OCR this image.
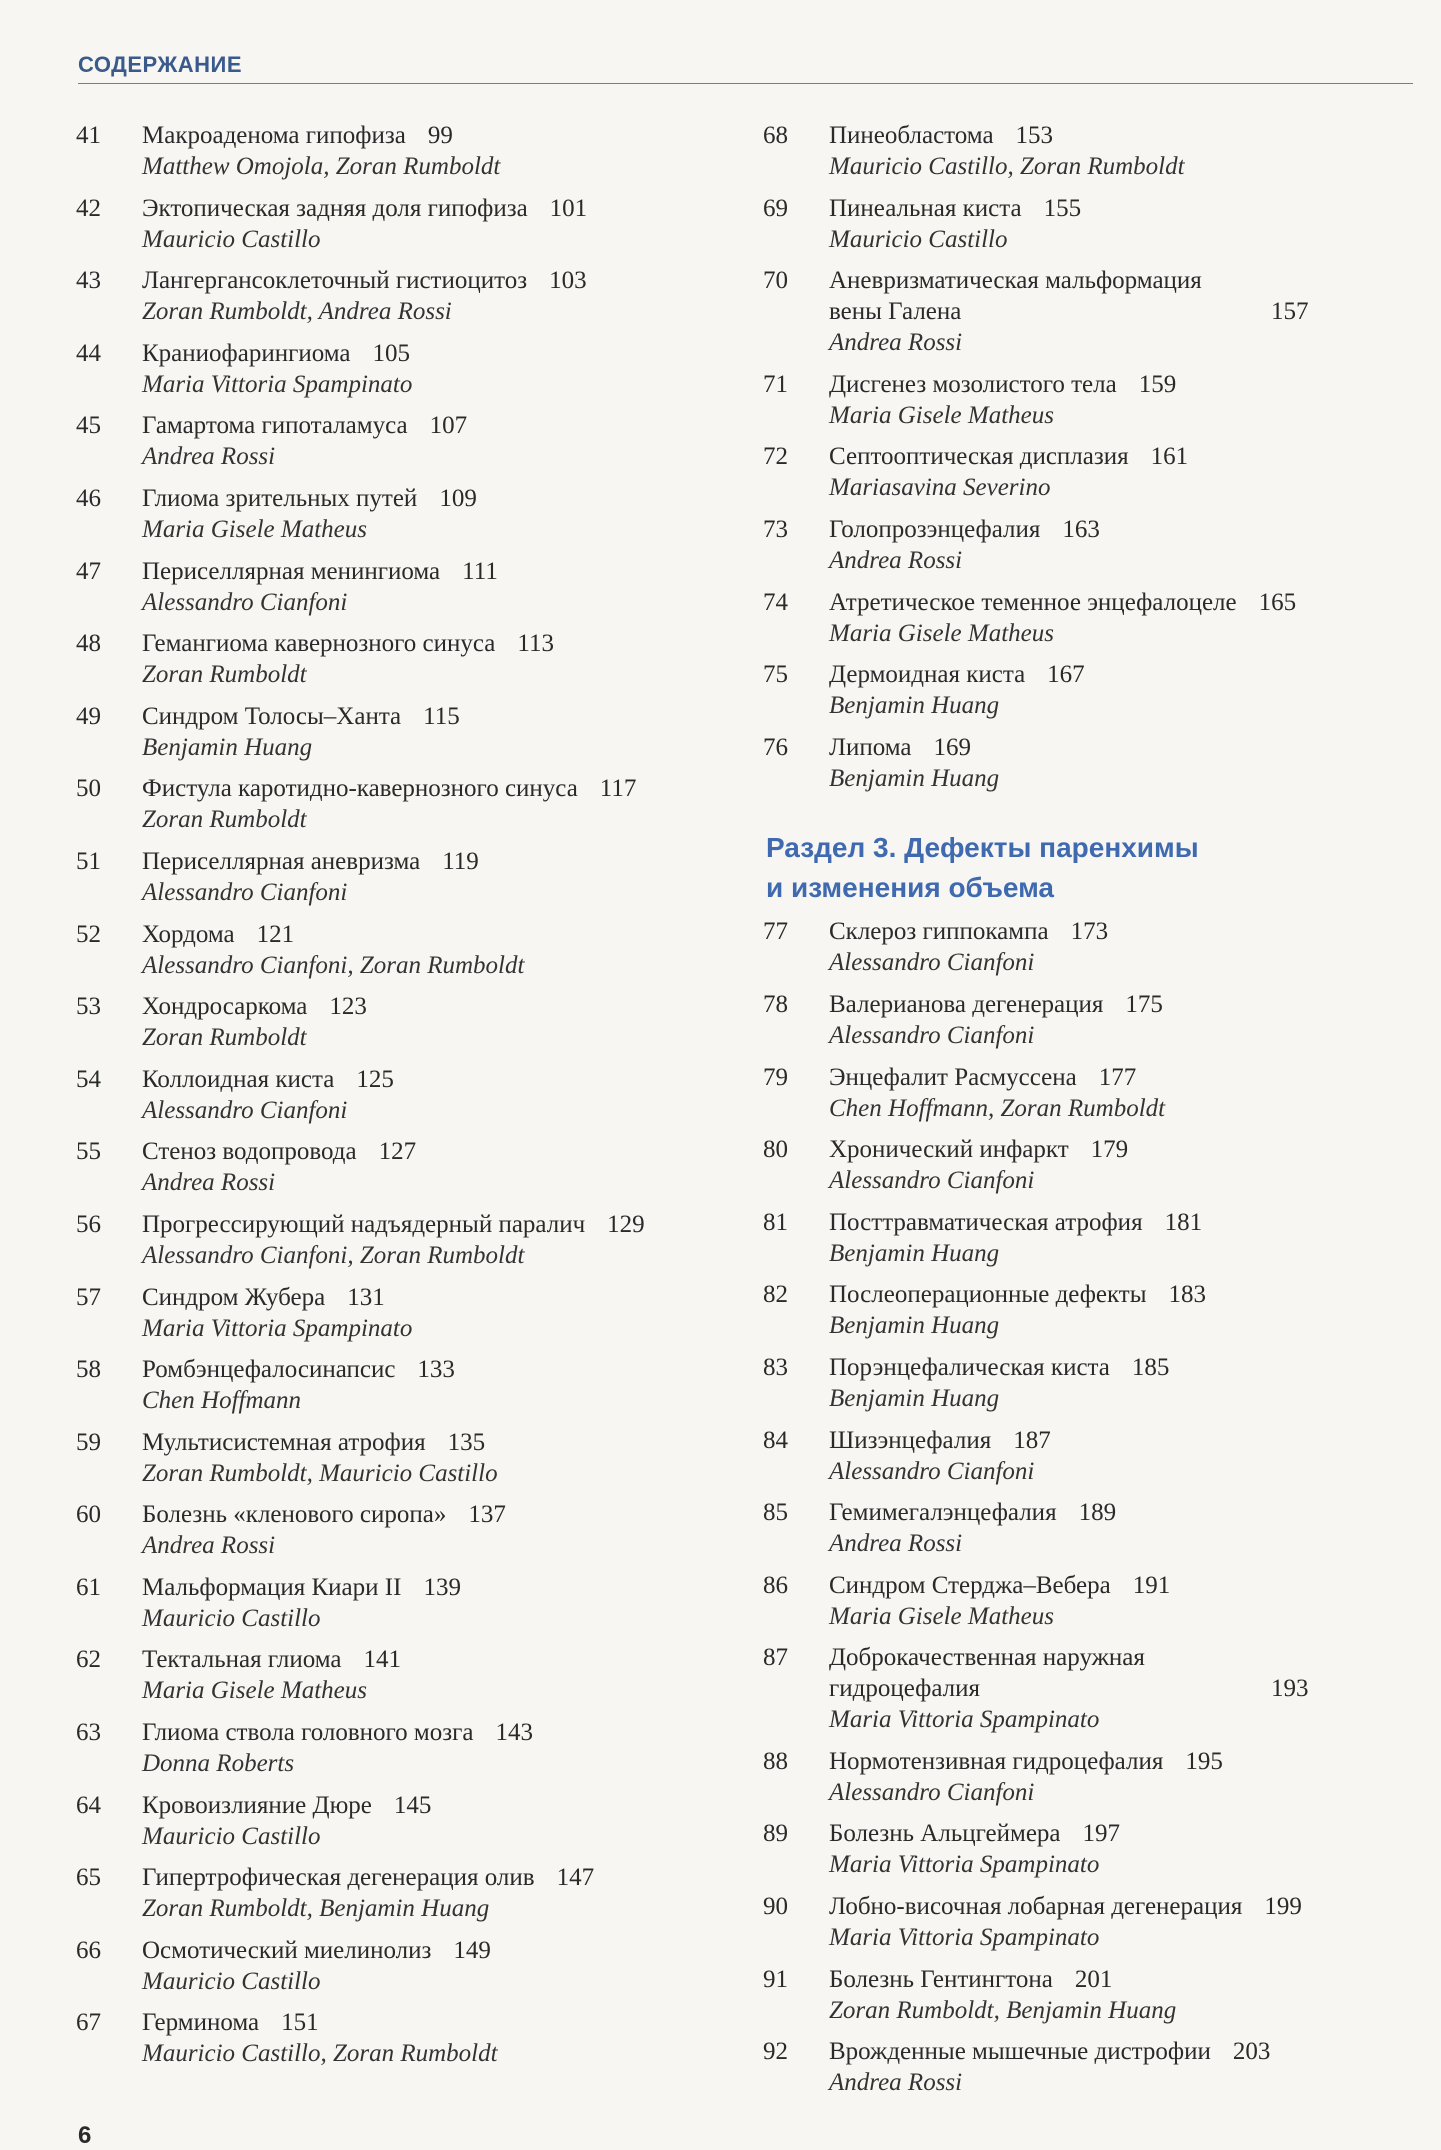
СОДЕРЖАНИЕ
41 Макроаденома гипофиза 99
Matthew Omojola, Zoran Rumboldt
42 Эктопическая задняя доля гипофиза 101
Mauricio Castillo
43 Лангергансоклеточный гистиоцитоз 103
Zoran Rumboldt, Andrea Rossi
44 Краниофарингиома 105
Maria Vittoria Spampinato
45 Гамартома гипоталамуса 107
Andrea Rossi
46 Глиома зрительных путей 109
Maria Gisele Matheus
47 Периселлярная менингиома 111
Alessandro Cianfoni
48 Гемангиома кавернозного синуса 113
Zoran Rumboldt
49 Синдром Толосы–Ханта 115
Benjamin Huang
50 Фистула каротидно-кавернозного синуса 117
Zoran Rumboldt
51 Периселлярная аневризма 119
Alessandro Cianfoni
52 Хордома 121
Alessandro Cianfoni, Zoran Rumboldt
53 Хондросаркома 123
Zoran Rumboldt
54 Коллоидная киста 125
Alessandro Cianfoni
55 Стеноз водопровода 127
Andrea Rossi
56 Прогрессирующий надъядерный паралич 129
Alessandro Cianfoni, Zoran Rumboldt
57 Синдром Жубера 131
Maria Vittoria Spampinato
58 Ромбэнцефалосинапсис 133
Chen Hoffmann
59 Мультисистемная атрофия 135
Zoran Rumboldt, Mauricio Castillo
60 Болезнь «кленового сиропа» 137
Andrea Rossi
61 Мальформация Киари II 139
Mauricio Castillo
62 Тектальная глиома 141
Maria Gisele Matheus
63 Глиома ствола головного мозга 143
Donna Roberts
64 Кровоизлияние Дюре 145
Mauricio Castillo
65 Гипертрофическая дегенерация олив 147
Zoran Rumboldt, Benjamin Huang
66 Осмотический миелинолиз 149
Mauricio Castillo
67 Герминома 151
Mauricio Castillo, Zoran Rumboldt
68 Пинеобластома 153
Mauricio Castillo, Zoran Rumboldt
69 Пинеальная киста 155
Mauricio Castillo
70 Аневризматическая мальформация вены Галена	157
Andrea Rossi
71 Дисгенез мозолистого тела 159
Maria Gisele Matheus
72 Септооптическая дисплазия 161
Mariasavina Severino
73 Голопрозэнцефалия 163
Andrea Rossi
74 Атретическое теменное энцефалоцеле 165
Maria Gisele Matheus
75 Дермоидная киста 167
Benjamin Huang
76 Липома 169
Benjamin Huang
Раздел 3. Дефекты паренхимы
и изменения объема
77 Склероз гиппокампа 173
Alessandro Cianfoni
78 Валерианова дегенерация 175
Alessandro Cianfoni
79 Энцефалит Расмуссена 177
Chen Hoffmann, Zoran Rumboldt
80 Хронический инфаркт 179
Alessandro Cianfoni
81 Посттравматическая атрофия 181
Benjamin Huang
82 Послеоперационные дефекты 183
Benjamin Huang
83 Порэнцефалическая киста 185
Benjamin Huang
84 Шизэнцефалия 187
Alessandro Cianfoni
85 Гемимегалэнцефалия 189
Andrea Rossi
86 Синдром Стерджа–Вебера 191
Maria Gisele Matheus
87 Доброкачественная наружная гидроцефалия	193
Maria Vittoria Spampinato
88 Нормотензивная гидроцефалия 195
Alessandro Cianfoni
89 Болезнь Альцгеймера 197
Maria Vittoria Spampinato
90 Лобно-височная лобарная дегенерация 199
Maria Vittoria Spampinato
91 Болезнь Гентингтона 201
Zoran Rumboldt, Benjamin Huang
92 Врожденные мышечные дистрофии 203
Andrea Rossi
6
